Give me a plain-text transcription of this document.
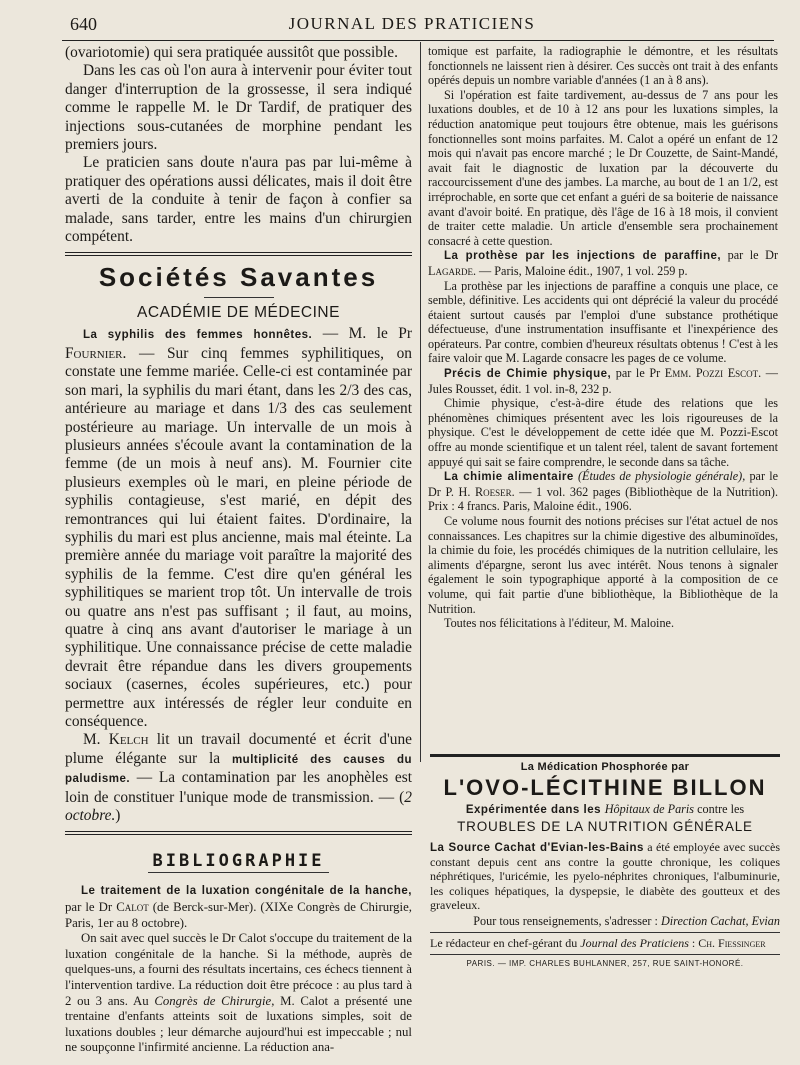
640	JOURNAL DES PRATICIENS

(ovariotomie) qui sera pratiquée aussitôt que possible.

Dans les cas où l'on aura à intervenir pour éviter tout danger d'interruption de la grossesse, il sera indiqué comme le rappelle M. le Dr Tardif, de pratiquer des injections sous-cutanées de morphine pendant les premiers jours.

Le praticien sans doute n'aura pas par lui-même à pratiquer des opérations aussi délicates, mais il doit être averti de la conduite à tenir de façon à confier sa malade, sans tarder, entre les mains d'un chirurgien compétent.

Sociétés Savantes
ACADÉMIE DE MÉDECINE

La syphilis des femmes honnêtes. — M. le Pr Fournier. — Sur cinq femmes syphilitiques, on constate une femme mariée. Celle-ci est contaminée par son mari, la syphilis du mari étant, dans les 2/3 des cas, antérieure au mariage et dans 1/3 des cas seulement postérieure au mariage. Un intervalle de un mois à plusieurs années s'écoule avant la contamination de la femme (de un mois à neuf ans). M. Fournier cite plusieurs exemples où le mari, en pleine période de syphilis contagieuse, s'est marié, en dépit des remontrances qui lui étaient faites. D'ordinaire, la syphilis du mari est plus ancienne, mais mal éteinte. La première année du mariage voit paraître la majorité des syphilis de la femme. C'est dire qu'en général les syphilitiques se marient trop tôt. Un intervalle de trois ou quatre ans n'est pas suffisant ; il faut, au moins, quatre à cinq ans avant d'autoriser le mariage à un syphilitique. Une connaissance précise de cette maladie devrait être répandue dans les divers groupements sociaux (casernes, écoles supérieures, etc.) pour permettre aux intéressés de régler leur conduite en conséquence.

M. Kelch lit un travail documenté et écrit d'une plume élégante sur la multiplicité des causes du paludisme. — La contamination par les anophèles est loin de constituer l'unique mode de transmission. — (2 octobre.)

BIBLIOGRAPHIE

Le traitement de la luxation congénitale de la hanche, par le Dr Calot (de Berck-sur-Mer). (XIXe Congrès de Chirurgie, Paris, 1er au 8 octobre).

On sait avec quel succès le Dr Calot s'occupe du traitement de la luxation congénitale de la hanche. Si la méthode, auprès de quelques-uns, a fourni des résultats incertains, ces échecs tiennent à l'intervention tardive. La réduction doit être précoce : au plus tard à 2 ou 3 ans. Au Congrès de Chirurgie, M. Calot a présenté une trentaine d'enfants atteints soit de luxations simples, soit de luxations doubles ; leur démarche aujourd'hui est impeccable ; nul ne soupçonne l'infirmité ancienne. La réduction ana-

tomique est parfaite, la radiographie le démontre, et les résultats fonctionnels ne laissent rien à désirer. Ces succès ont trait à des enfants opérés depuis un nombre variable d'années (1 an à 8 ans).

Si l'opération est faite tardivement, au-dessus de 7 ans pour les luxations doubles, et de 10 à 12 ans pour les luxations simples, la réduction anatomique peut toujours être obtenue, mais les guérisons fonctionnelles sont moins parfaites. M. Calot a opéré un enfant de 12 mois qui n'avait pas encore marché ; le Dr Couzette, de Saint-Mandé, avait fait le diagnostic de luxation par la découverte du raccourcissement d'une des jambes. La marche, au bout de 1 an 1/2, est irréprochable, en sorte que cet enfant a guéri de sa boiterie de naissance avant d'avoir boité. En pratique, dès l'âge de 16 à 18 mois, il convient de traiter cette maladie. Un article d'ensemble sera prochainement consacré à cette question.

La prothèse par les injections de paraffine, par le Dr Lagarde. — Paris, Maloine édit., 1907, 1 vol. 259 p.

La prothèse par les injections de paraffine a conquis une place, ce semble, définitive. Les accidents qui ont déprécié la valeur du procédé étaient surtout causés par l'emploi d'une substance prothétique défectueuse, d'une instrumentation insuffisante et l'inexpérience des opérateurs. Par contre, combien d'heureux résultats obtenus ! C'est à les faire valoir que M. Lagarde consacre les pages de ce volume.

Précis de Chimie physique, par le Pr Emm. Pozzi Escot. — Jules Rousset, édit. 1 vol. in-8, 232 p.

Chimie physique, c'est-à-dire étude des relations que les phénomènes chimiques présentent avec les lois rigoureuses de la physique. C'est le développement de cette idée que M. Pozzi-Escot offre au monde scientifique et un talent réel, talent de savant fortement appuyé qui sait se faire comprendre, le seconde dans sa tâche.

La chimie alimentaire (Études de physiologie générale), par le Dr P. H. Roeser. — 1 vol. 362 pages (Bibliothèque de la Nutrition). Prix : 4 francs. Paris, Maloine édit., 1906.

Ce volume nous fournit des notions précises sur l'état actuel de nos connaissances. Les chapitres sur la chimie digestive des albuminoïdes, la chimie du foie, les procédés chimiques de la nutrition cellulaire, les aliments d'épargne, seront lus avec intérêt. Nous tenons à signaler également le soin typographique apporté à la composition de ce volume, qui fait partie d'une bibliothèque, la Bibliothèque de la Nutrition.

Toutes nos félicitations à l'éditeur, M. Maloine.

La Médication Phosphorée par
L'OVO-LÉCITHINE BILLON

Expérimentée dans les Hôpitaux de Paris contre les

TROUBLES DE LA NUTRITION GÉNÉRALE

La Source Cachat d'Evian-les-Bains a été employée avec succès constant depuis cent ans contre la goutte chronique, les coliques néphrétiques, l'uricémie, les pyelo-néphrites chroniques, l'albuminurie, les coliques hépatiques, la dyspepsie, le diabète des goutteux et des graveleux.

Pour tous renseignements, s'adresser : Direction Cachat, Evian

Le rédacteur en chef-gérant du Journal des Praticiens : Ch. Fiessinger

PARIS. — IMP. CHARLES BUHLANNER, 257, RUE SAINT-HONORÉ.
